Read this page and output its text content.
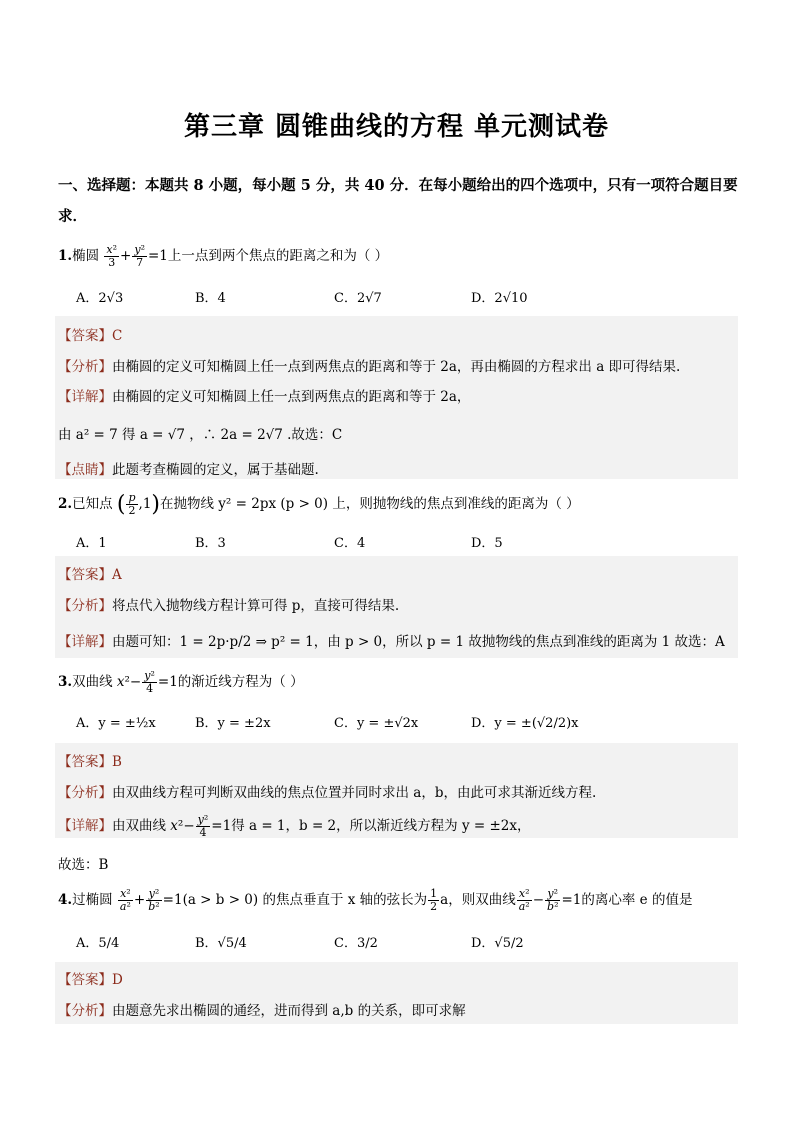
第三章 圆锥曲线的方程 单元测试卷
一、选择题：本题共 8 小题，每小题 5 分，共 40 分．在每小题给出的四个选项中，只有一项符合题目要求．
1.椭圆 $\frac{\text{x²}}{3} + \frac{\text{y²}}{7} =1$上一点到两个焦点的距离之和为（ ）
A．2√3	B．4	C．2√7	D．2√10
【答案】C
【分析】由椭圆的定义可知椭圆上任一点到两焦点的距离和等于 2a，再由椭圆的方程求出 a 即可得结果.
【详解】由椭圆的定义可知椭圆上任一点到两焦点的距离和等于 2a，
由 a² = 7 得 a = √7 ，∴ 2a = 2√7 .故选：C
【点睛】此题考查椭圆的定义，属于基础题.
2.已知点 ( $\frac{p}{2} ,1$)在抛物线 y² = 2px (p > 0) 上，则抛物线的焦点到准线的距离为（ ）
A．1	B．3	C．4	D．5
【答案】A
【分析】将点代入抛物线方程计算可得 p，直接可得结果.
【详解】由题可知：1 = 2p·p/2 ⇒ p² = 1，由 p > 0，所以 p = 1 故抛物线的焦点到准线的距离为 1 故选：A
3.双曲线 $x^2- \frac{\text{y²}}{4} =1$的渐近线方程为（ ）
A．y = ±½x	B．y = ±2x	C．y = ±√2x	D．y = ±(√2/2)x
【答案】B
【分析】由双曲线方程可判断双曲线的焦点位置并同时求出 a，b，由此可求其渐近线方程.
【详解】由双曲线 $x^2- \frac{\text{y²}}{4} =1$得 a = 1，b = 2，所以渐近线方程为 y = ±2x，
故选：B
4.过椭圆 $\frac{\text{x²}}{\text{a²}} + \frac{\text{y²}}{\text{b²}} =1(a > b > 0)$ 的焦点垂直于 x 轴的弦长为 $\frac{1}{2}$ a，则双曲线 $\frac{\text{x²}}{\text{a²}} - \frac{\text{y²}}{\text{b²}} =1$的离心率 e 的值是
A．5/4	B．√5/4	C．3/2	D．√5/2
【答案】D
【分析】由题意先求出椭圆的通经，进而得到 a,b 的关系，即可求解
